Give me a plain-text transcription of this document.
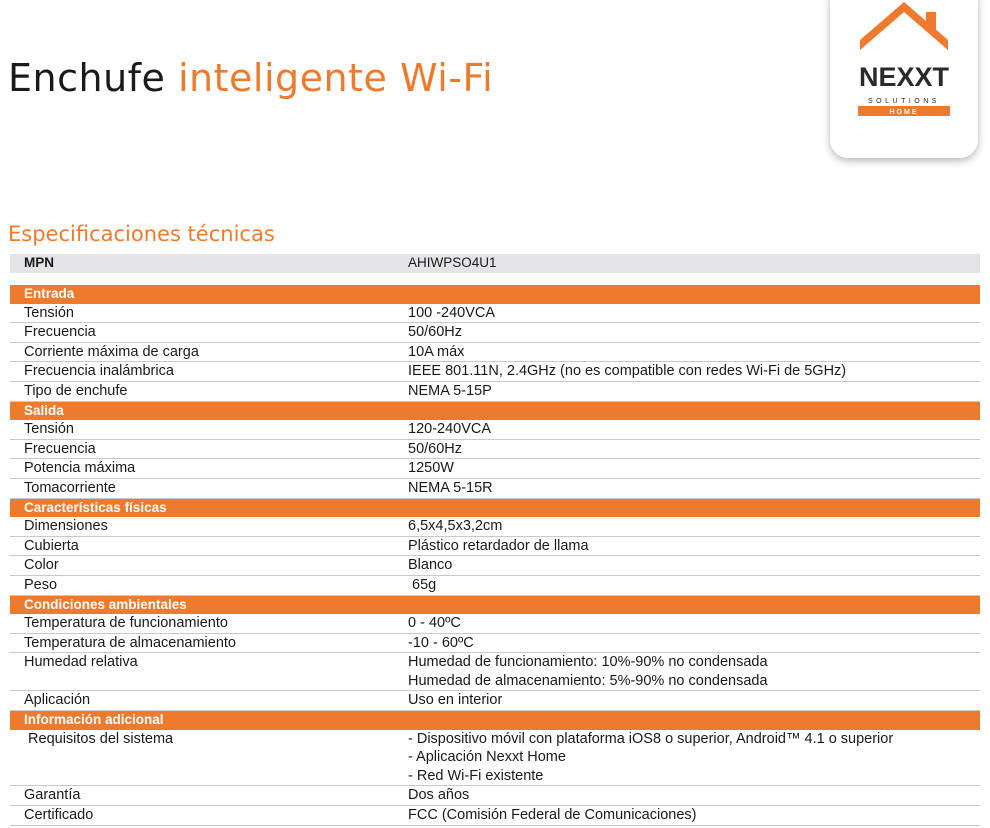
Enchufe inteligente Wi-Fi	NEXXT
SOLUTIONS
HOME
Especificaciones técnicas
MPN	AHIWPSO4U1
Entrada
Tensión	100 -240VCA
Frecuencia	50/60Hz
Corriente máxima de carga	10A máx
Frecuencia inalámbrica	IEEE 801.11N, 2.4GHz (no es compatible con redes Wi-Fi de 5GHz)
Tipo de enchufe	NEMA 5-15P
Salida
Tensión	120-240VCA
Frecuencia	50/60Hz
Potencia máxima	1250W
Tomacorriente	NEMA 5-15R
Características físicas
Dimensiones	6,5x4,5x3,2cm
Cubierta	Plástico retardador de llama
Color	Blanco
Peso	65g
Condiciones ambientales
Temperatura de funcionamiento	0 - 40ºC
Temperatura de almacenamiento	-10 - 60ºC
Humedad relativa	Humedad de funcionamiento: 10%-90% no condensada
Humedad de almacenamiento: 5%-90% no condensada
Aplicación	Uso en interior
Información adicional
Requisitos del sistema	- Dispositivo móvil con plataforma iOS8 o superior, Android™ 4.1 o superior
- Aplicación Nexxt Home
- Red Wi-Fi existente
Garantía	Dos años
Certificado	FCC (Comisión Federal de Comunicaciones)
